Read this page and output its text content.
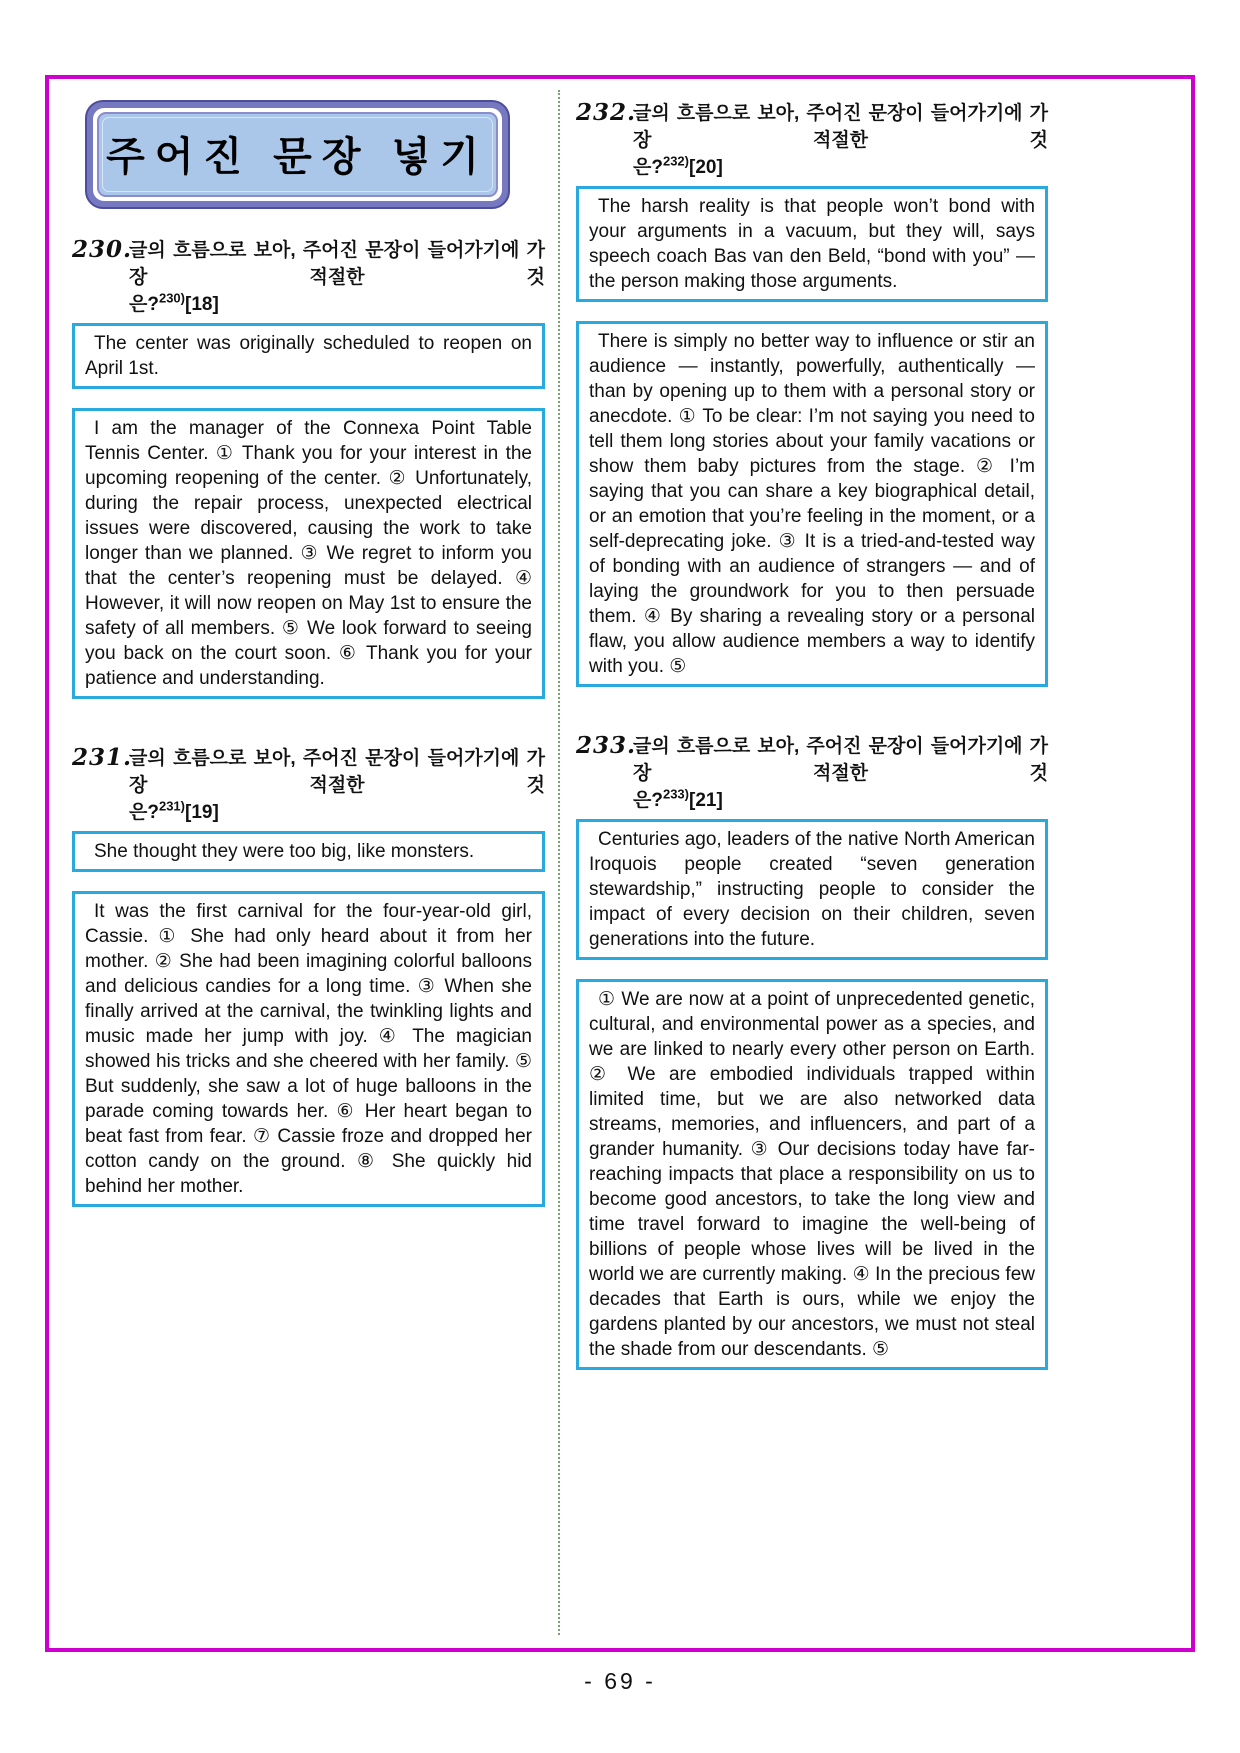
주어진 문장 넣기
230.
글의 흐름으로 보아, 주어진 문장이 들어가기에 가장 적절한 것
은?$^{230)}$[18]
The center was originally scheduled to reopen on April 1st.
I am the manager of the Connexa Point Table Tennis Center. ① Thank you for your interest in the upcoming reopening of the center. ② Unfortunately, during the repair process, unexpected electrical issues were discovered, causing the work to take longer than we planned. ③ We regret to inform you that the center’s reopening must be delayed. ④ However, it will now reopen on May 1st to ensure the safety of all members. ⑤ We look forward to seeing you back on the court soon. ⑥ Thank you for your patience and understanding.
231.
글의 흐름으로 보아, 주어진 문장이 들어가기에 가장 적절한 것
은?$^{231)}$[19]
She thought they were too big, like monsters.
It was the first carnival for the four-year-old girl, Cassie. ① She had only heard about it from her mother. ② She had been imagining colorful balloons and delicious candies for a long time. ③ When she finally arrived at the carnival, the twinkling lights and music made her jump with joy. ④ The magician showed his tricks and she cheered with her family. ⑤ But suddenly, she saw a lot of huge balloons in the parade coming towards her. ⑥ Her heart began to beat fast from fear. ⑦ Cassie froze and dropped her cotton candy on the ground. ⑧ She quickly hid behind her mother.
232.
글의 흐름으로 보아, 주어진 문장이 들어가기에 가장 적절한 것
은?$^{232)}$[20]
The harsh reality is that people won’t bond with your arguments in a vacuum, but they will, says speech coach Bas van den Beld, “bond with you” — the person making those arguments.
There is simply no better way to influence or stir an audience — instantly, powerfully, authentically — than by opening up to them with a personal story or anecdote. ① To be clear: I’m not saying you need to tell them long stories about your family vacations or show them baby pictures from the stage. ② I’m saying that you can share a key biographical detail, or an emotion that you’re feeling in the moment, or a self-deprecating joke. ③ It is a tried-and-tested way of bonding with an audience of strangers — and of laying the groundwork for you to then persuade them. ④ By sharing a revealing story or a personal flaw, you allow audience members a way to identify with you. ⑤
233.
글의 흐름으로 보아, 주어진 문장이 들어가기에 가장 적절한 것
은?$^{233)}$[21]
Centuries ago, leaders of the native North American Iroquois people created “seven generation stewardship,” instructing people to consider the impact of every decision on their children, seven generations into the future.
① We are now at a point of unprecedented genetic, cultural, and environmental power as a species, and we are linked to nearly every other person on Earth. ② We are embodied individuals trapped within limited time, but we are also networked data streams, memories, and influencers, and part of a grander humanity. ③ Our decisions today have far-reaching impacts that place a responsibility on us to become good ancestors, to take the long view and time travel forward to imagine the well-being of billions of people whose lives will be lived in the world we are currently making. ④ In the precious few decades that Earth is ours, while we enjoy the gardens planted by our ancestors, we must not steal the shade from our descendants. ⑤
- 69 -
